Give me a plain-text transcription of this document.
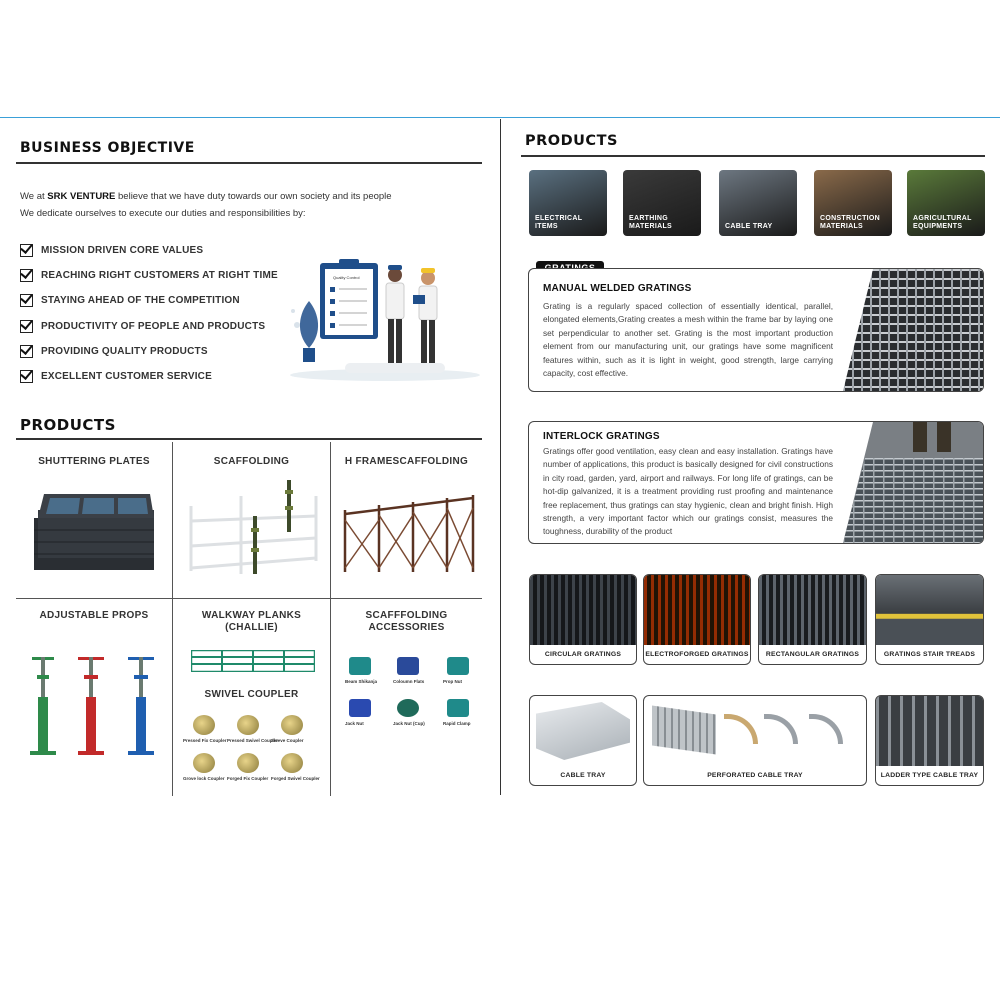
BUSINESS OBJECTIVE
We at SRK VENTURE believe that we have duty towards our own society and its people
We dedicate ourselves to execute our duties and responsibilities by:
MISSION DRIVEN CORE VALUES
REACHING RIGHT CUSTOMERS AT RIGHT TIME
STAYING AHEAD OF THE COMPETITION
PRODUCTIVITY OF PEOPLE AND PRODUCTS
PROVIDING QUALITY PRODUCTS
EXCELLENT CUSTOMER SERVICE
Quality Control
PRODUCTS
SHUTTERING PLATES	SCAFFOLDING	H FRAMESCAFFOLDING
ADJUSTABLE PROPS	WALKWAY PLANKS
(CHALLIE)
SWIVEL COUPLER
Pressed Fix Coupler Pressed Swivel Coupler
Sleeve Coupler
Grove lock Coupler Forged Fix Coupler Forged Swivel Coupler
SCAFFFOLDING
ACCESSORIES
Beam Shikanja	Coloumn Flats	Prop Nut
Jack Nut	Jack Nut (Cup)	Rapid Clamp
PRODUCTS
ELECTRICAL
ITEMS
EARTHING
MATERIALS	CABLE TRAY
CONSTRUCTION
MATERIALS
AGRICULTURAL
EQUIPMENTS
MANUAL WELDED GRATINGS
Grating is a regularly spaced collection of essentially identical, parallel, elongated elements,Grating creates a mesh within the frame bar by laying one set perpendicular to another set. Grating is the most important production element from our manufacturing unit, our gratings have some magnificent features within, such as it is light in weight, good strength, large carrying capacity, cost effective.
INTERLOCK GRATINGS
Gratings offer good ventilation, easy clean and easy installation. Gratings have number of applications, this product is basically designed for civil constructions in city road, garden, yard, airport and railways. For long life of gratings, can be hot-dip galvanized, it is a treatment providing rust proofing and maintenance free replacement, thus gratings can stay hygienic, clean and bright finish. High strength, a very important factor which our gratings consist, measures the toughness, durability of the product
CIRCULAR GRATINGS	ELECTROFORGED GRATINGS	RECTANGULAR GRATINGS	GRATINGS STAIR TREADS
CABLE TRAY	PERFORATED CABLE TRAY	LADDER TYPE CABLE TRAY
